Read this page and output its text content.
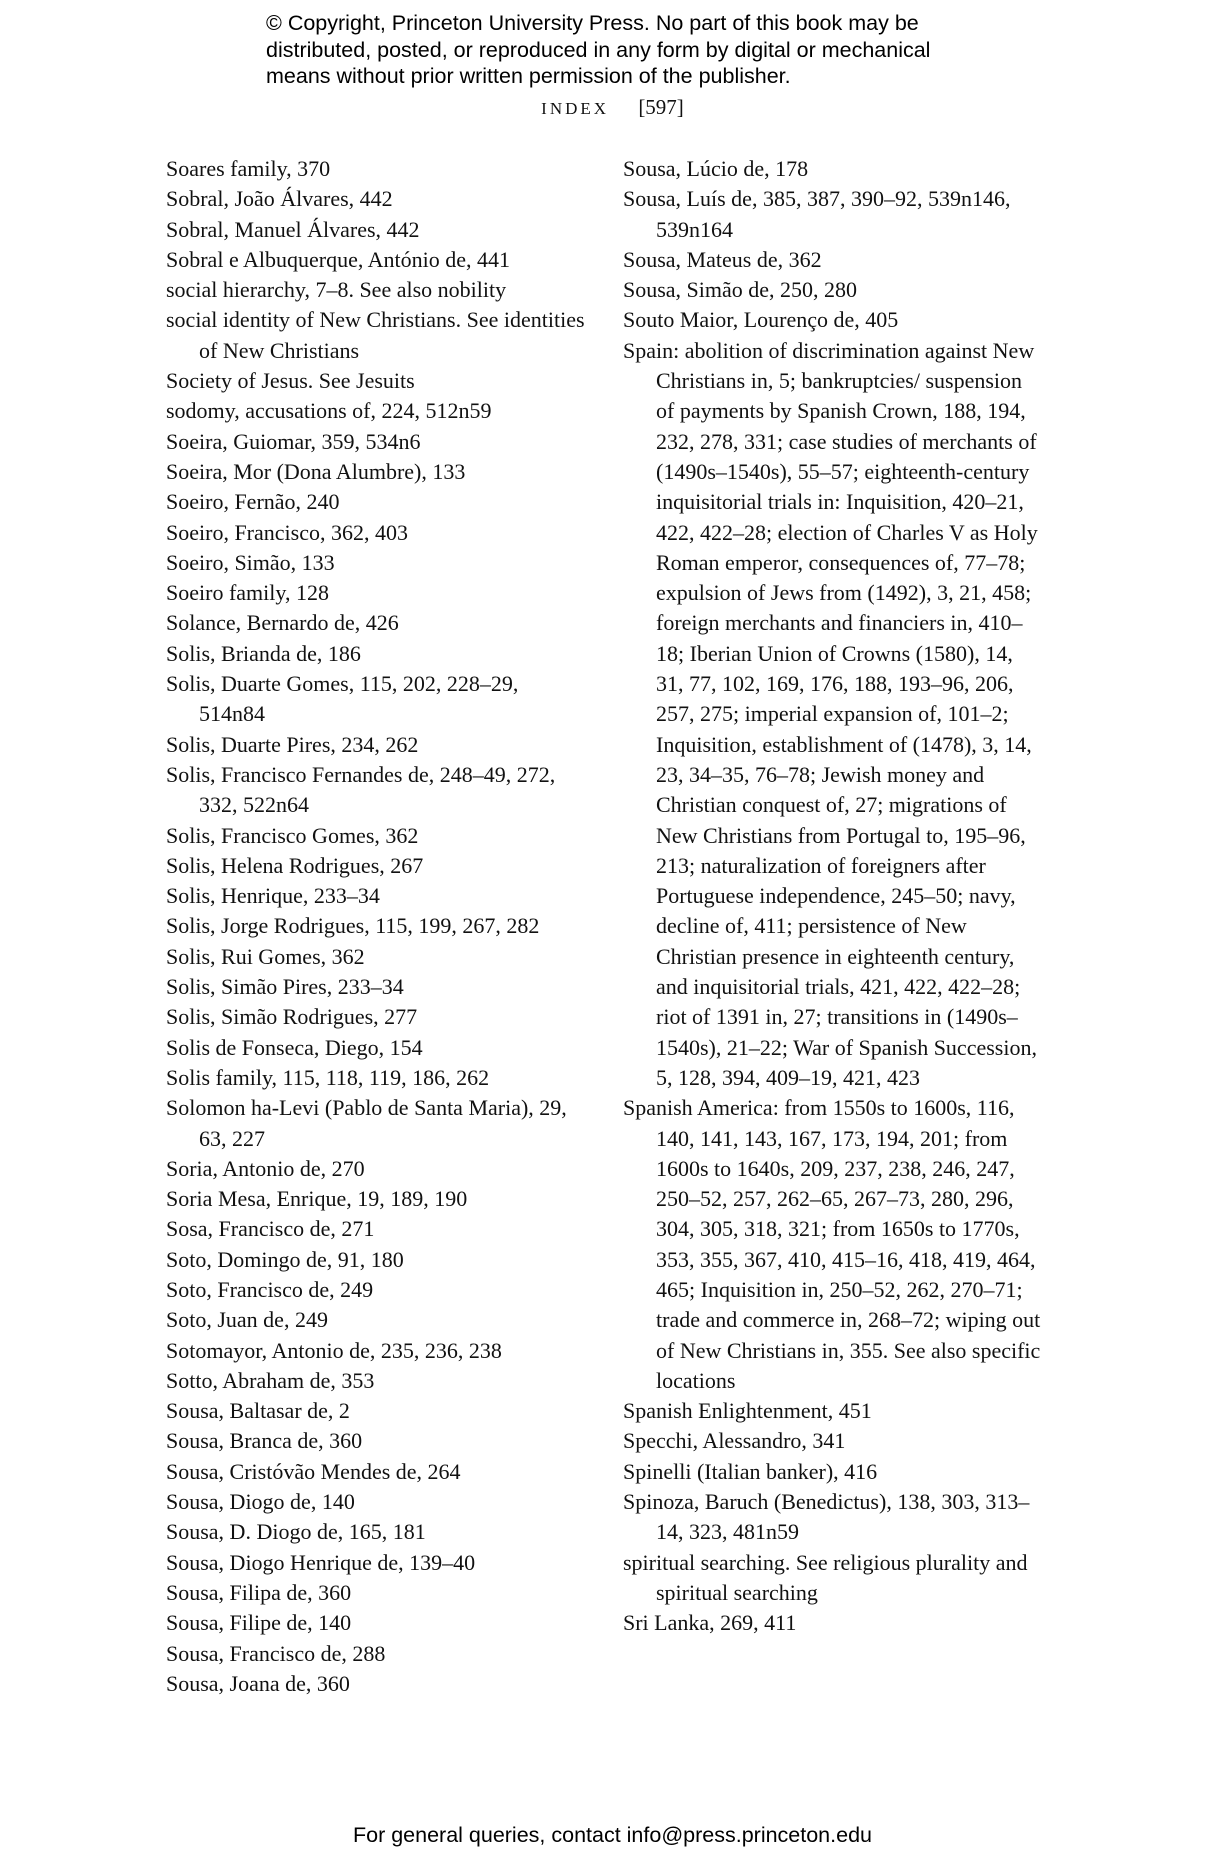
© Copyright, Princeton University Press. No part of this book may be
distributed, posted, or reproduced in any form by digital or mechanical
means without prior written permission of the publisher.
INDEX [597]

Soares family, 370

Sobral, João Álvares, 442

Sobral, Manuel Álvares, 442

Sobral e Albuquerque, António de, 441

social hierarchy, 7–8. See also nobility

social identity of New Christians. See identities of New Christians

Society of Jesus. See Jesuits

sodomy, accusations of, 224, 512n59

Soeira, Guiomar, 359, 534n6

Soeira, Mor (Dona Alumbre), 133

Soeiro, Fernão, 240

Soeiro, Francisco, 362, 403

Soeiro, Simão, 133

Soeiro family, 128

Solance, Bernardo de, 426

Solis, Brianda de, 186

Solis, Duarte Gomes, 115, 202, 228–29, 514n84

Solis, Duarte Pires, 234, 262

Solis, Francisco Fernandes de, 248–49, 272, 332, 522n64

Solis, Francisco Gomes, 362

Solis, Helena Rodrigues, 267

Solis, Henrique, 233–34

Solis, Jorge Rodrigues, 115, 199, 267, 282

Solis, Rui Gomes, 362

Solis, Simão Pires, 233–34

Solis, Simão Rodrigues, 277

Solis de Fonseca, Diego, 154

Solis family, 115, 118, 119, 186, 262

Solomon ha-Levi (Pablo de Santa Maria), 29, 63, 227

Soria, Antonio de, 270

Soria Mesa, Enrique, 19, 189, 190

Sosa, Francisco de, 271

Soto, Domingo de, 91, 180

Soto, Francisco de, 249

Soto, Juan de, 249

Sotomayor, Antonio de, 235, 236, 238

Sotto, Abraham de, 353

Sousa, Baltasar de, 2

Sousa, Branca de, 360

Sousa, Cristóvão Mendes de, 264

Sousa, Diogo de, 140

Sousa, D. Diogo de, 165, 181

Sousa, Diogo Henrique de, 139–40

Sousa, Filipa de, 360

Sousa, Filipe de, 140

Sousa, Francisco de, 288

Sousa, Joana de, 360

Sousa, Lúcio de, 178

Sousa, Luís de, 385, 387, 390–92, 539n146, 539n164

Sousa, Mateus de, 362

Sousa, Simão de, 250, 280

Souto Maior, Lourenço de, 405

Spain: abolition of discrimination against New Christians in, 5; bankruptcies/ suspension of payments by Spanish Crown, 188, 194, 232, 278, 331; case studies of merchants of (1490s–1540s), 55–57; eighteenth-century inquisitorial trials in: Inquisition, 420–21, 422, 422–28; election of Charles V as Holy Roman emperor, consequences of, 77–78; expulsion of Jews from (1492), 3, 21, 458; foreign merchants and financiers in, 410–18; Iberian Union of Crowns (1580), 14, 31, 77, 102, 169, 176, 188, 193–96, 206, 257, 275; imperial expansion of, 101–2; Inquisition, establishment of (1478), 3, 14, 23, 34–35, 76–78; Jewish money and Christian conquest of, 27; migrations of New Christians from Portugal to, 195–96, 213; naturalization of foreigners after Portuguese independence, 245–50; navy, decline of, 411; persistence of New Christian presence in eighteenth century, and inquisitorial trials, 421, 422, 422–28; riot of 1391 in, 27; transitions in (1490s–1540s), 21–22; War of Spanish Succession, 5, 128, 394, 409–19, 421, 423

Spanish America: from 1550s to 1600s, 116, 140, 141, 143, 167, 173, 194, 201; from 1600s to 1640s, 209, 237, 238, 246, 247, 250–52, 257, 262–65, 267–73, 280, 296, 304, 305, 318, 321; from 1650s to 1770s, 353, 355, 367, 410, 415–16, 418, 419, 464, 465; Inquisition in, 250–52, 262, 270–71; trade and commerce in, 268–72; wiping out of New Christians in, 355. See also specific locations

Spanish Enlightenment, 451

Specchi, Alessandro, 341

Spinelli (Italian banker), 416

Spinoza, Baruch (Benedictus), 138, 303, 313–14, 323, 481n59

spiritual searching. See religious plurality and spiritual searching

Sri Lanka, 269, 411

For general queries, contact info@press.princeton.edu
